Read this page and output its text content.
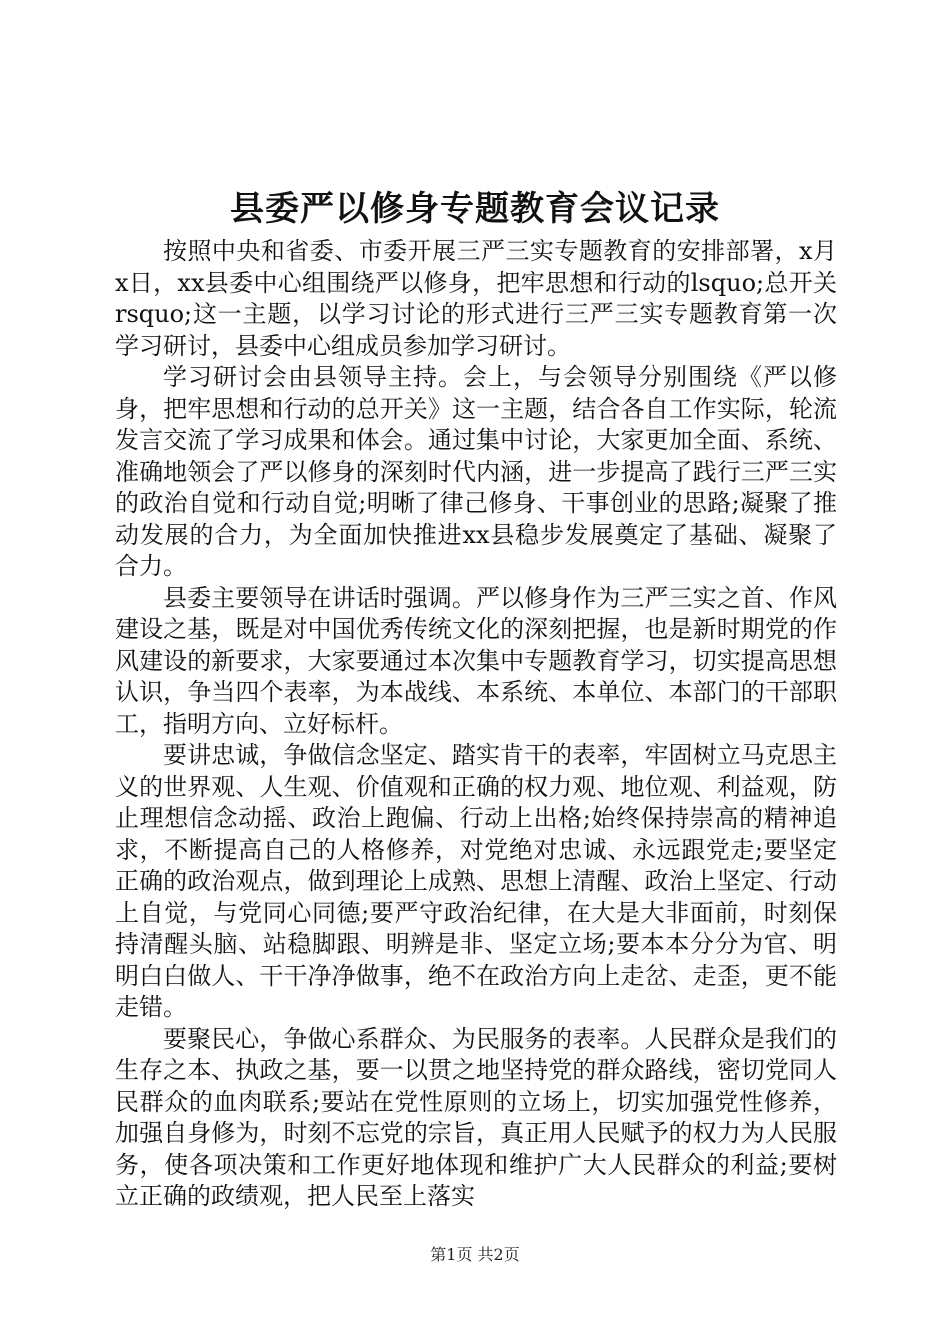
县委严以修身专题教育会议记录

按照中央和省委、市委开展三严三实专题教育的安排部署，x月x日，xx县委中心组围绕严以修身，把牢思想和行动的lsquo;总开关rsquo;这一主题，以学习讨论的形式进行三严三实专题教育第一次学习研讨，县委中心组成员参加学习研讨。

学习研讨会由县领导主持。会上，与会领导分别围绕《严以修身，把牢思想和行动的总开关》这一主题，结合各自工作实际，轮流发言交流了学习成果和体会。通过集中讨论，大家更加全面、系统、准确地领会了严以修身的深刻时代内涵，进一步提高了践行三严三实的政治自觉和行动自觉;明晰了律己修身、干事创业的思路;凝聚了推动发展的合力，为全面加快推进xx县稳步发展奠定了基础、凝聚了合力。

县委主要领导在讲话时强调。严以修身作为三严三实之首、作风建设之基，既是对中国优秀传统文化的深刻把握，也是新时期党的作风建设的新要求，大家要通过本次集中专题教育学习，切实提高思想认识，争当四个表率，为本战线、本系统、本单位、本部门的干部职工，指明方向、立好标杆。

要讲忠诚，争做信念坚定、踏实肯干的表率，牢固树立马克思主义的世界观、人生观、价值观和正确的权力观、地位观、利益观，防止理想信念动摇、政治上跑偏、行动上出格;始终保持崇高的精神追求，不断提高自己的人格修养，对党绝对忠诚、永远跟党走;要坚定正确的政治观点，做到理论上成熟、思想上清醒、政治上坚定、行动上自觉，与党同心同德;要严守政治纪律，在大是大非面前，时刻保持清醒头脑、站稳脚跟、明辨是非、坚定立场;要本本分分为官、明明白白做人、干干净净做事，绝不在政治方向上走岔、走歪，更不能走错。

要聚民心，争做心系群众、为民服务的表率。人民群众是我们的生存之本、执政之基，要一以贯之地坚持党的群众路线，密切党同人民群众的血肉联系;要站在党性原则的立场上，切实加强党性修养，加强自身修为，时刻不忘党的宗旨，真正用人民赋予的权力为人民服务，使各项决策和工作更好地体现和维护广大人民群众的利益;要树立正确的政绩观，把人民至上落实

第1页 共2页
